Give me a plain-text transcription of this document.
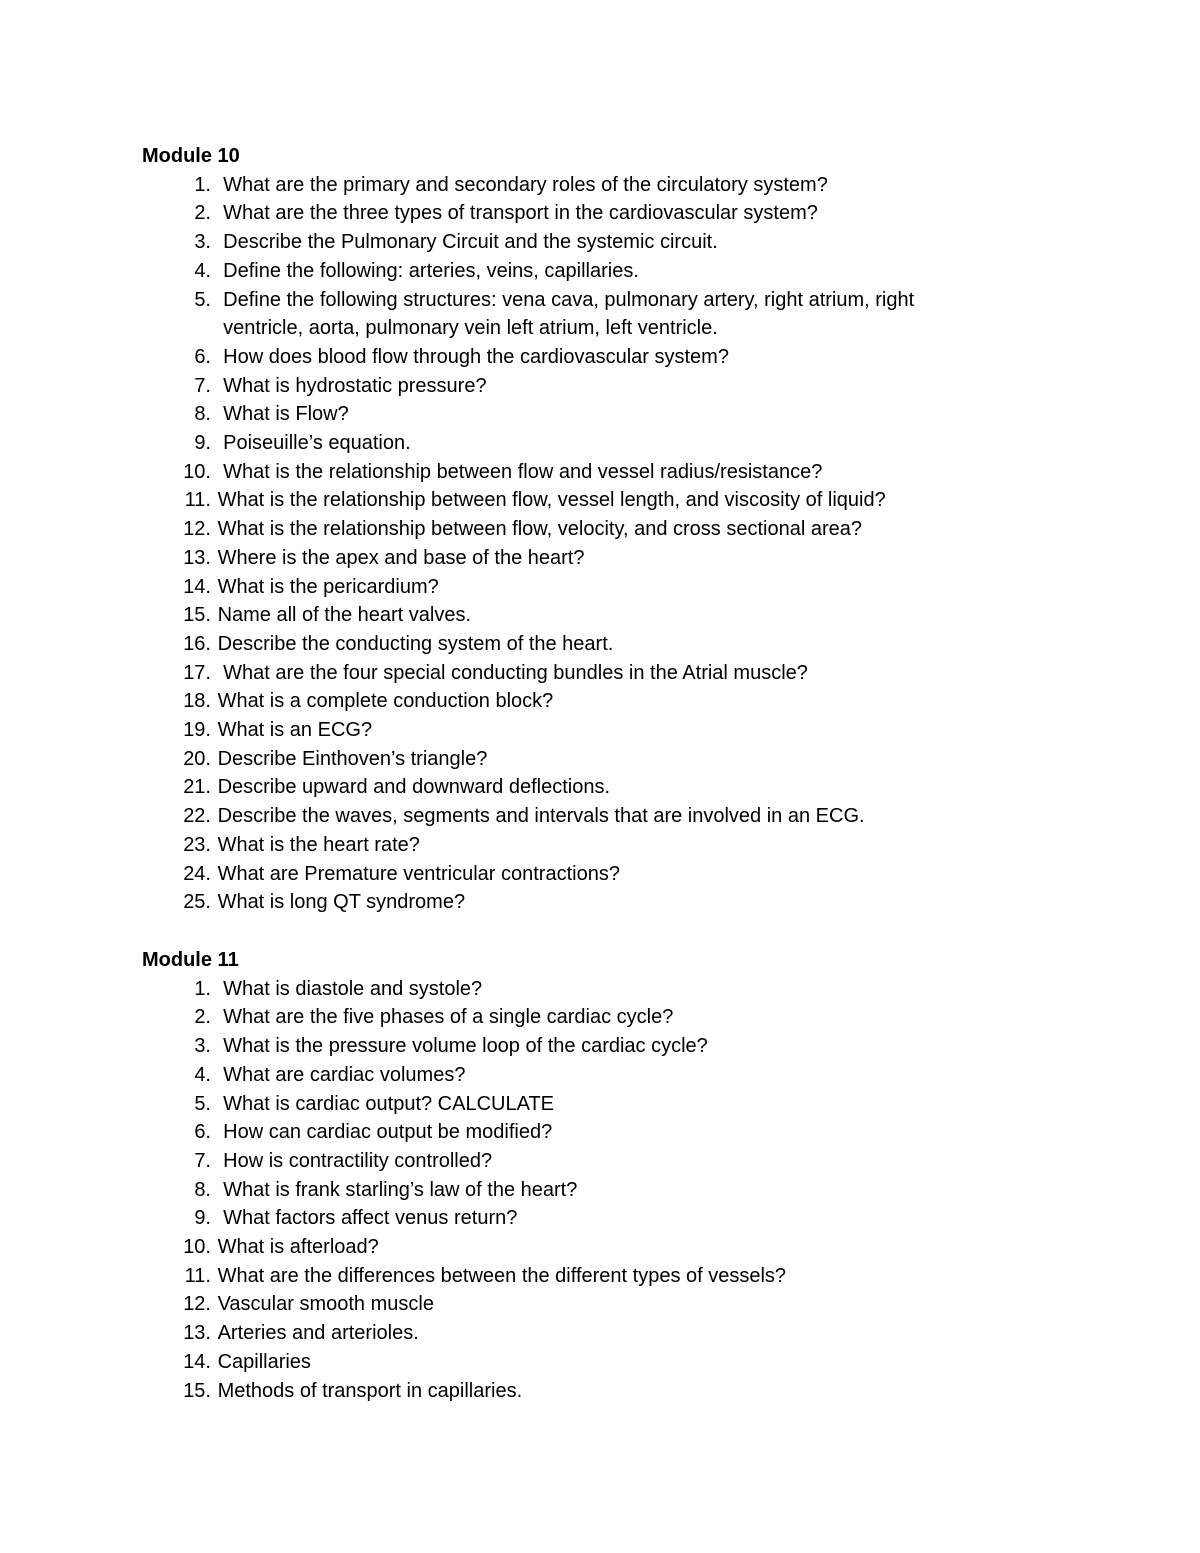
Module 10
1. What are the primary and secondary roles of the circulatory system?
2. What are the three types of transport in the cardiovascular system?
3. Describe the Pulmonary Circuit and the systemic circuit.
4. Define the following: arteries, veins, capillaries.
5. Define the following structures: vena cava, pulmonary artery, right atrium, right
ventricle, aorta, pulmonary vein left atrium, left ventricle.
6. How does blood flow through the cardiovascular system?
7. What is hydrostatic pressure?
8. What is Flow?
9. Poiseuille’s equation.
10. What is the relationship between flow and vessel radius/resistance?
11. What is the relationship between flow, vessel length, and viscosity of liquid?
12. What is the relationship between flow, velocity, and cross sectional area?
13. Where is the apex and base of the heart?
14. What is the pericardium?
15. Name all of the heart valves.
16. Describe the conducting system of the heart.
17. What are the four special conducting bundles in the Atrial muscle?
18. What is a complete conduction block?
19. What is an ECG?
20. Describe Einthoven’s triangle?
21. Describe upward and downward deflections.
22. Describe the waves, segments and intervals that are involved in an ECG.
23. What is the heart rate?
24. What are Premature ventricular contractions?
25. What is long QT syndrome?
Module 11
1. What is diastole and systole?
2. What are the five phases of a single cardiac cycle?
3. What is the pressure volume loop of the cardiac cycle?
4. What are cardiac volumes?
5. What is cardiac output? CALCULATE
6. How can cardiac output be modified?
7. How is contractility controlled?
8. What is frank starling’s law of the heart?
9. What factors affect venus return?
10. What is afterload?
11. What are the differences between the different types of vessels?
12. Vascular smooth muscle
13. Arteries and arterioles.
14. Capillaries
15. Methods of transport in capillaries.
